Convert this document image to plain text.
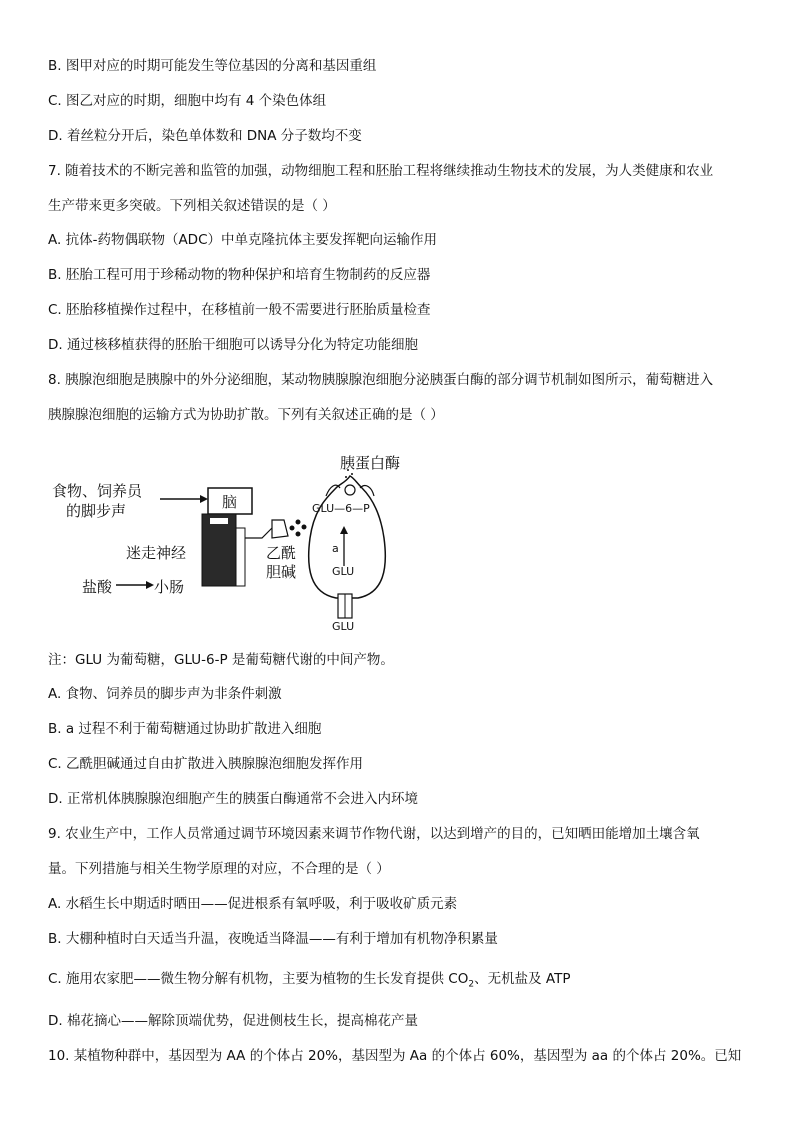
B. 图甲对应的时期可能发生等位基因的分离和基因重组
C. 图乙对应的时期，细胞中均有 4 个染色体组
D. 着丝粒分开后，染色单体数和 DNA 分子数均不变
7. 随着技术的不断完善和监管的加强，动物细胞工程和胚胎工程将继续推动生物技术的发展，为人类健康和农业
生产带来更多突破。下列相关叙述错误的是（ ）
A. 抗体-药物偶联物（ADC）中单克隆抗体主要发挥靶向运输作用
B. 胚胎工程可用于珍稀动物的物种保护和培育生物制药的反应器
C. 胚胎移植操作过程中，在移植前一般不需要进行胚胎质量检查
D. 通过核移植获得的胚胎干细胞可以诱导分化为特定功能细胞
8. 胰腺泡细胞是胰腺中的外分泌细胞，某动物胰腺腺泡细胞分泌胰蛋白酶的部分调节机制如图所示，葡萄糖进入
胰腺腺泡细胞的运输方式为协助扩散。下列有关叙述正确的是（ ）
食物、饲养员
的脚步声	脑
迷走神经
盐酸	小肠
乙酰
胆碱
胰蛋白酶
GLU—6—P
a
GLU
GLU
注：GLU 为葡萄糖，GLU-6-P 是葡萄糖代谢的中间产物。
A. 食物、饲养员的脚步声为非条件刺激
B. a 过程不利于葡萄糖通过协助扩散进入细胞
C. 乙酰胆碱通过自由扩散进入胰腺腺泡细胞发挥作用
D. 正常机体胰腺腺泡细胞产生的胰蛋白酶通常不会进入内环境
9. 农业生产中，工作人员常通过调节环境因素来调节作物代谢，以达到增产的目的，已知晒田能增加土壤含氧
量。下列措施与相关生物学原理的对应，不合理的是（ ）
A. 水稻生长中期适时晒田——促进根系有氧呼吸，利于吸收矿质元素
B. 大棚种植时白天适当升温，夜晚适当降温——有利于增加有机物净积累量
C. 施用农家肥——微生物分解有机物，主要为植物的生长发育提供 $CO_2$、无机盐及 ATP
D. 棉花摘心——解除顶端优势，促进侧枝生长，提高棉花产量
10. 某植物种群中，基因型为 AA 的个体占 20%，基因型为 Aa 的个体占 60%，基因型为 aa 的个体占 20%。已知
